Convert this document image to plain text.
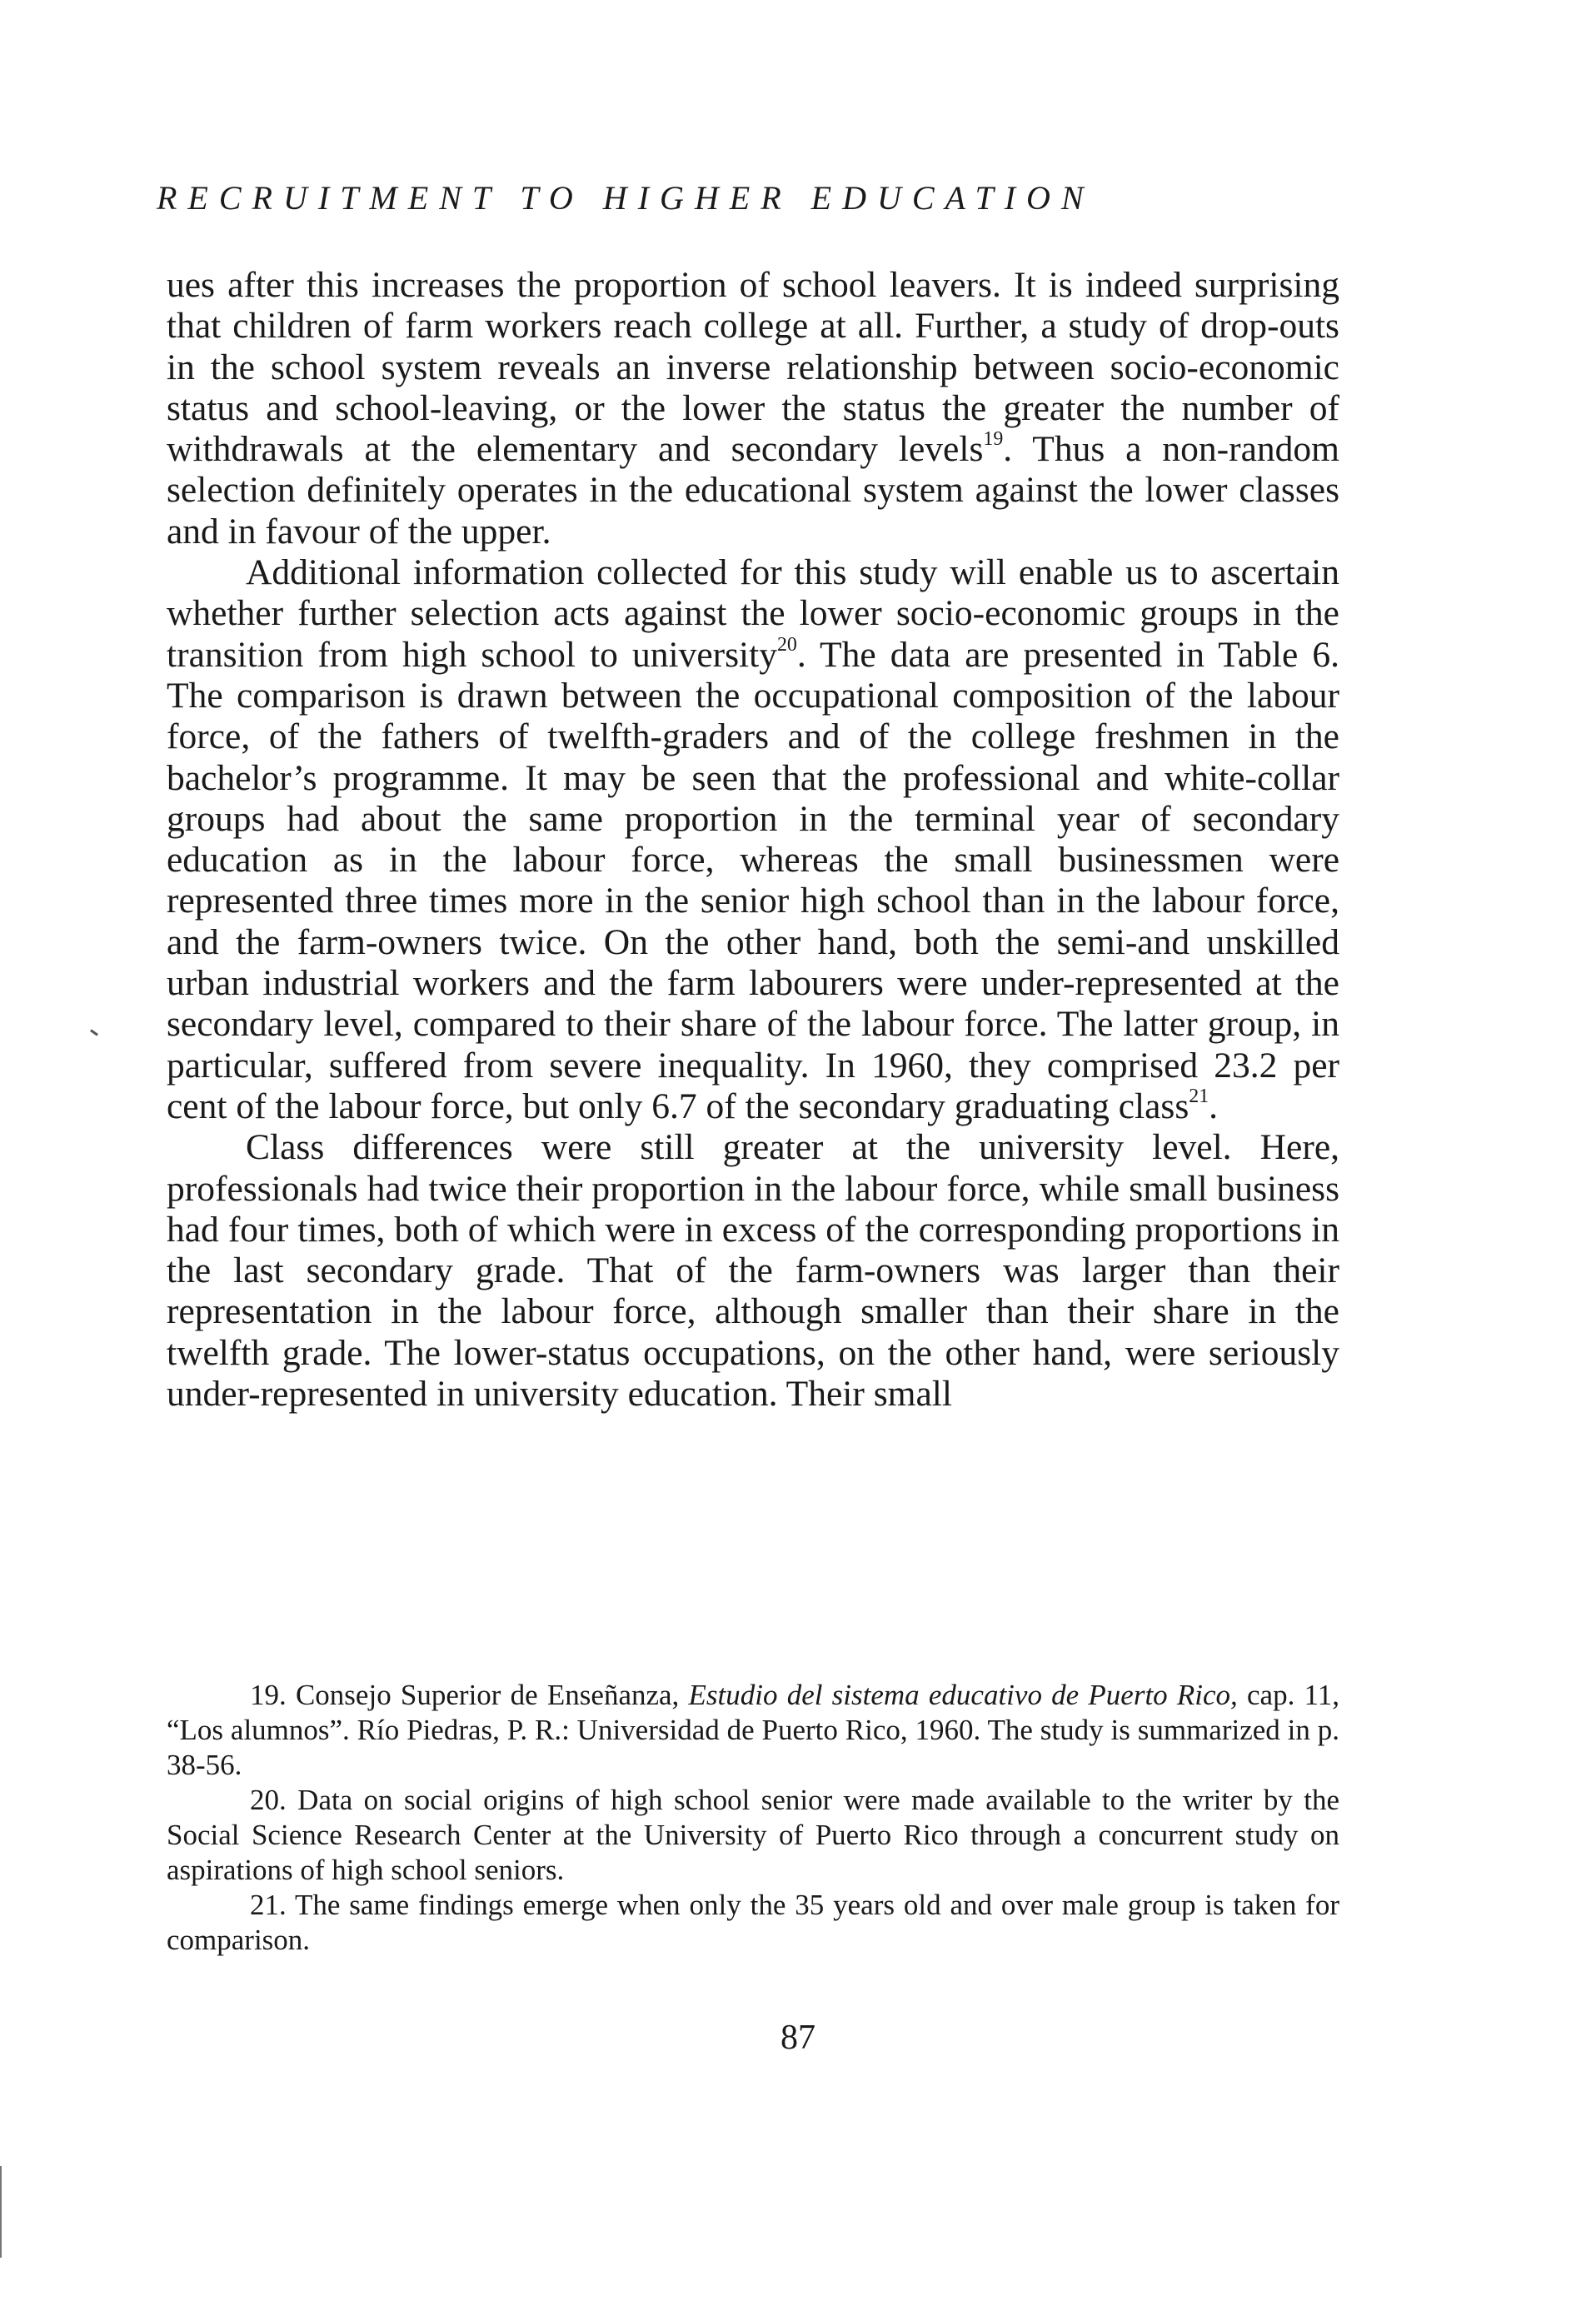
RECRUITMENT TO HIGHER EDUCATION

ues after this increases the proportion of school leavers. It is indeed surprising that children of farm workers reach college at all. Further, a study of drop-outs in the school system reveals an inverse relationship between socio-economic status and school-leaving, or the lower the status the greater the number of withdrawals at the elementary and secondary levels$^{19}$. Thus a non-random selection definitely operates in the educational system against the lower classes and in favour of the upper.

Additional information collected for this study will enable us to ascertain whether further selection acts against the lower socio-economic groups in the transition from high school to university$^{20}$. The data are presented in Table 6. The comparison is drawn between the occupational composition of the labour force, of the fathers of twelfth-graders and of the college freshmen in the bachelor’s programme. It may be seen that the professional and white-collar groups had about the same proportion in the terminal year of secondary education as in the labour force, whereas the small businessmen were represented three times more in the senior high school than in the labour force, and the farm-owners twice. On the other hand, both the semi-and unskilled urban industrial workers and the farm labourers were under-represented at the secondary level, compared to their share of the labour force. The latter group, in particular, suffered from severe inequality. In 1960, they comprised 23.2 per cent of the labour force, but only 6.7 of the secondary graduating class$^{21}$.

Class differences were still greater at the university level. Here, professionals had twice their proportion in the labour force, while small business had four times, both of which were in excess of the corresponding proportions in the last secondary grade. That of the farm-owners was larger than their representation in the labour force, although smaller than their share in the twelfth grade. The lower-status occupations, on the other hand, were seriously under-represented in university education. Their small

19. Consejo Superior de Enseñanza, Estudio del sistema educativo de Puerto Rico, cap. 11, “Los alumnos”. Río Piedras, P. R.: Universidad de Puerto Rico, 1960. The study is summarized in p. 38-56.

20. Data on social origins of high school senior were made available to the writer by the Social Science Research Center at the University of Puerto Rico through a concurrent study on aspirations of high school seniors.

21. The same findings emerge when only the 35 years old and over male group is taken for comparison.

87
